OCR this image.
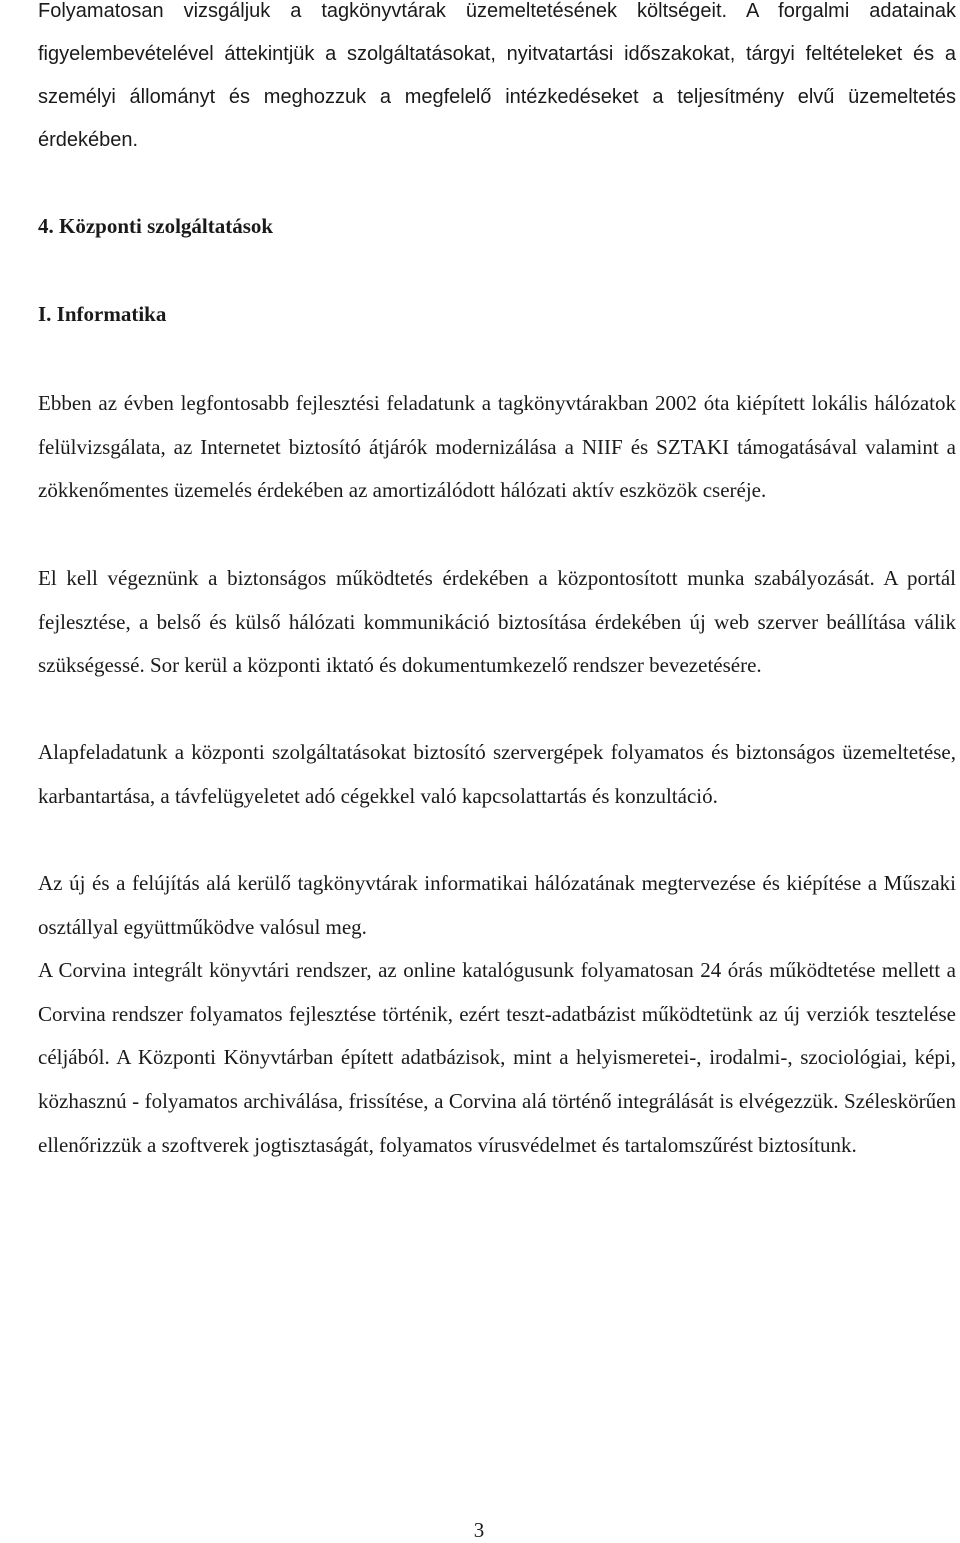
Folyamatosan vizsgáljuk a tagkönyvtárak üzemeltetésének költségeit. A forgalmi adatainak figyelembevételével áttekintjük a szolgáltatásokat, nyitvatartási időszakokat, tárgyi feltételeket és a személyi állományt és meghozzuk a megfelelő intézkedéseket a teljesítmény elvű üzemeltetés érdekében.

4. Központi szolgáltatások
I. Informatika

Ebben az évben legfontosabb fejlesztési feladatunk a tagkönyvtárakban 2002 óta kiépített lokális hálózatok felülvizsgálata, az Internetet biztosító átjárók modernizálása a NIIF és SZTAKI támogatásával valamint a zökkenőmentes üzemelés érdekében az amortizálódott hálózati aktív eszközök cseréje.

El kell végeznünk a biztonságos működtetés érdekében a központosított munka szabályozását. A portál fejlesztése, a belső és külső hálózati kommunikáció biztosítása érdekében új web szerver beállítása válik szükségessé. Sor kerül a központi iktató és dokumentumkezelő rendszer bevezetésére.

Alapfeladatunk a központi szolgáltatásokat biztosító szervergépek folyamatos és biztonságos üzemeltetése, karbantartása, a távfelügyeletet adó cégekkel való kapcsolattartás és konzultáció.

Az új és a felújítás alá kerülő tagkönyvtárak informatikai hálózatának megtervezése és kiépítése a Műszaki osztállyal együttműködve valósul meg.

A Corvina integrált könyvtári rendszer, az online katalógusunk folyamatosan 24 órás működtetése mellett a Corvina rendszer folyamatos fejlesztése történik, ezért teszt-adatbázist működtetünk az új verziók tesztelése céljából. A Központi Könyvtárban épített adatbázisok, mint a helyismeretei-, irodalmi-, szociológiai, képi, közhasznú - folyamatos archiválása, frissítése, a Corvina alá történő integrálását is elvégezzük. Széleskörűen ellenőrizzük a szoftverek jogtisztaságát, folyamatos vírusvédelmet és tartalomszűrést biztosítunk.

3
